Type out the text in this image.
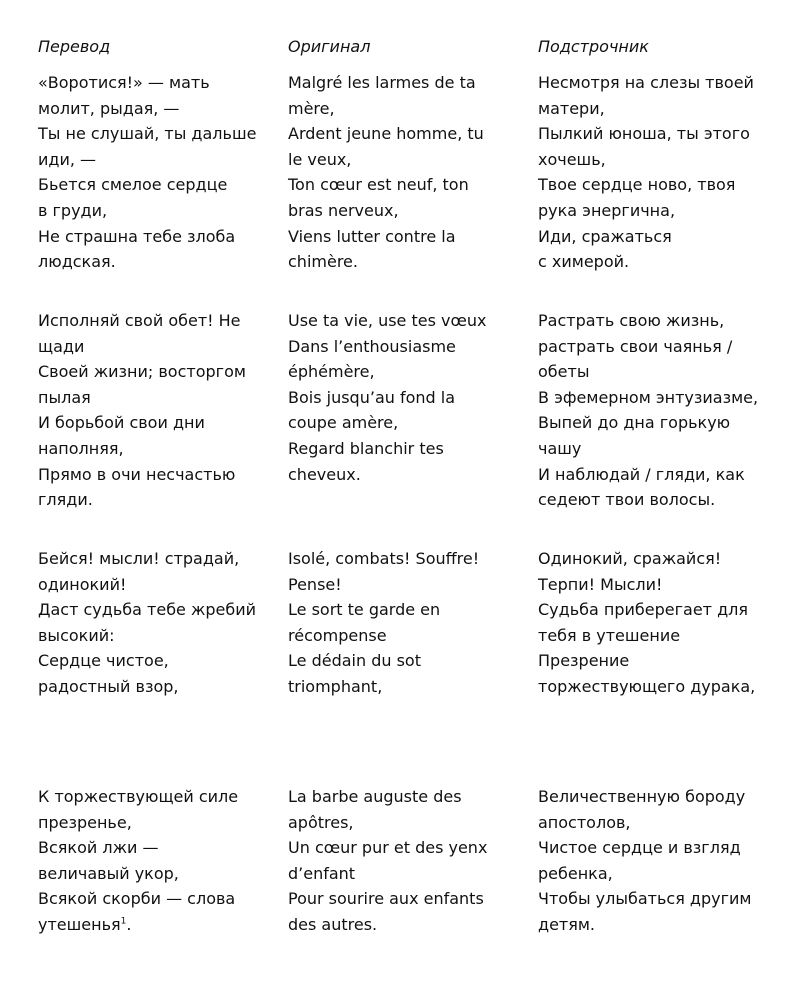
Перевод
«Воротися!» — мать
молит, рыдая, —
Ты не слушай, ты дальше
иди, —
Бьется смелое сердце
в груди,
Не страшна тебе злоба
людская.
Исполняй свой обет! Не
щади
Своей жизни; восторгом
пылая
И борьбой свои дни
наполняя,
Прямо в очи несчастью
гляди.
Бейся! мысли! страдай,
одинокий!
Даст судьба тебе жребий
высокий:
Сердце чистое,
радостный взор,
К торжествующей силе
презренье,
Всякой лжи —
величавый укор,
Всякой скорби — слова
утешенья$^1$.
Оригинал
Malgré les larmes de ta
mère,
Ardent jeune homme, tu
le veux,
Ton cœur est neuf, ton
bras nerveux,
Viens lutter contre la
chimère.
Use ta vie, use tes vœux
Dans l’enthousiasme
éphémère,
Bois jusqu’au fond la
coupe amère,
Regard blanchir tes
cheveux.
Isolé, combats! Souffre!
Pense!
Le sort te garde en
récompense
Le dédain du sot
triomphant,
La barbe auguste des
apôtres,
Un cœur pur et des yenx
d’enfant
Pour sourire aux enfants
des autres.
Подстрочник
Несмотря на слезы твоей
матери,
Пылкий юноша, ты этого
хочешь,
Твое сердце ново, твоя
рука энергична,
Иди, сражаться
с химерой.
Растрать свою жизнь,
растрать свои чаянья /
обеты
В эфемерном энтузиазме,
Выпей до дна горькую
чашу
И наблюдай / гляди, как
седеют твои волосы.
Одинокий, сражайся!
Терпи! Мысли!
Судьба приберегает для
тебя в утешение
Презрение
торжествующего дурака,
Величественную бороду
апостолов,
Чистое сердце и взгляд
ребенка,
Чтобы улыбаться другим
детям.
